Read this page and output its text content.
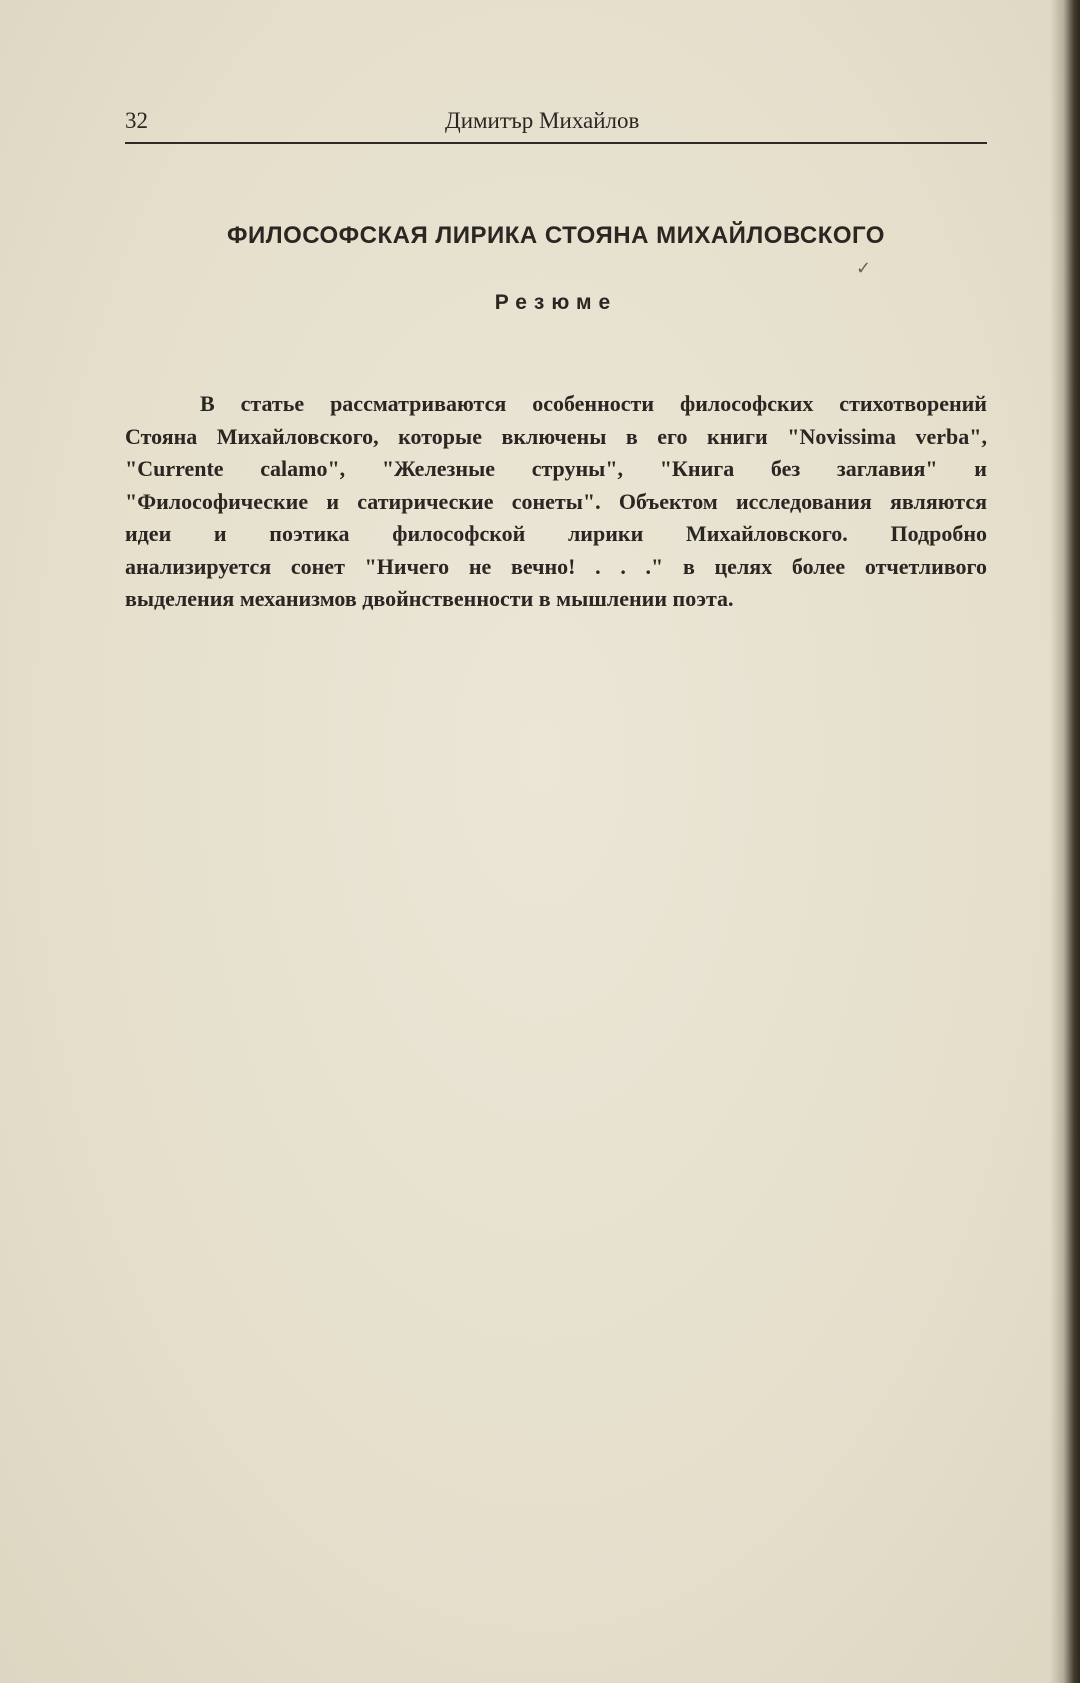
32	Димитър Михайлов
ФИЛОСОФСКАЯ ЛИРИКА СТОЯНА МИХАЙЛОВСКОГО
✓
Резюме
В статье рассматриваются особенности философских стихотворений
Стояна Михайловского, которые включены в его книги "Novissima verba",
"Currente calamo", "Железные струны", "Книга без заглавия" и
"Философические и сатирические сонеты". Объектом исследования являются
идеи и поэтика философской лирики Михайловского. Подробно
анализируется сонет "Ничего не вечно! . . ." в целях более отчетливого
выделения механизмов двойнственности в мышлении поэта.
